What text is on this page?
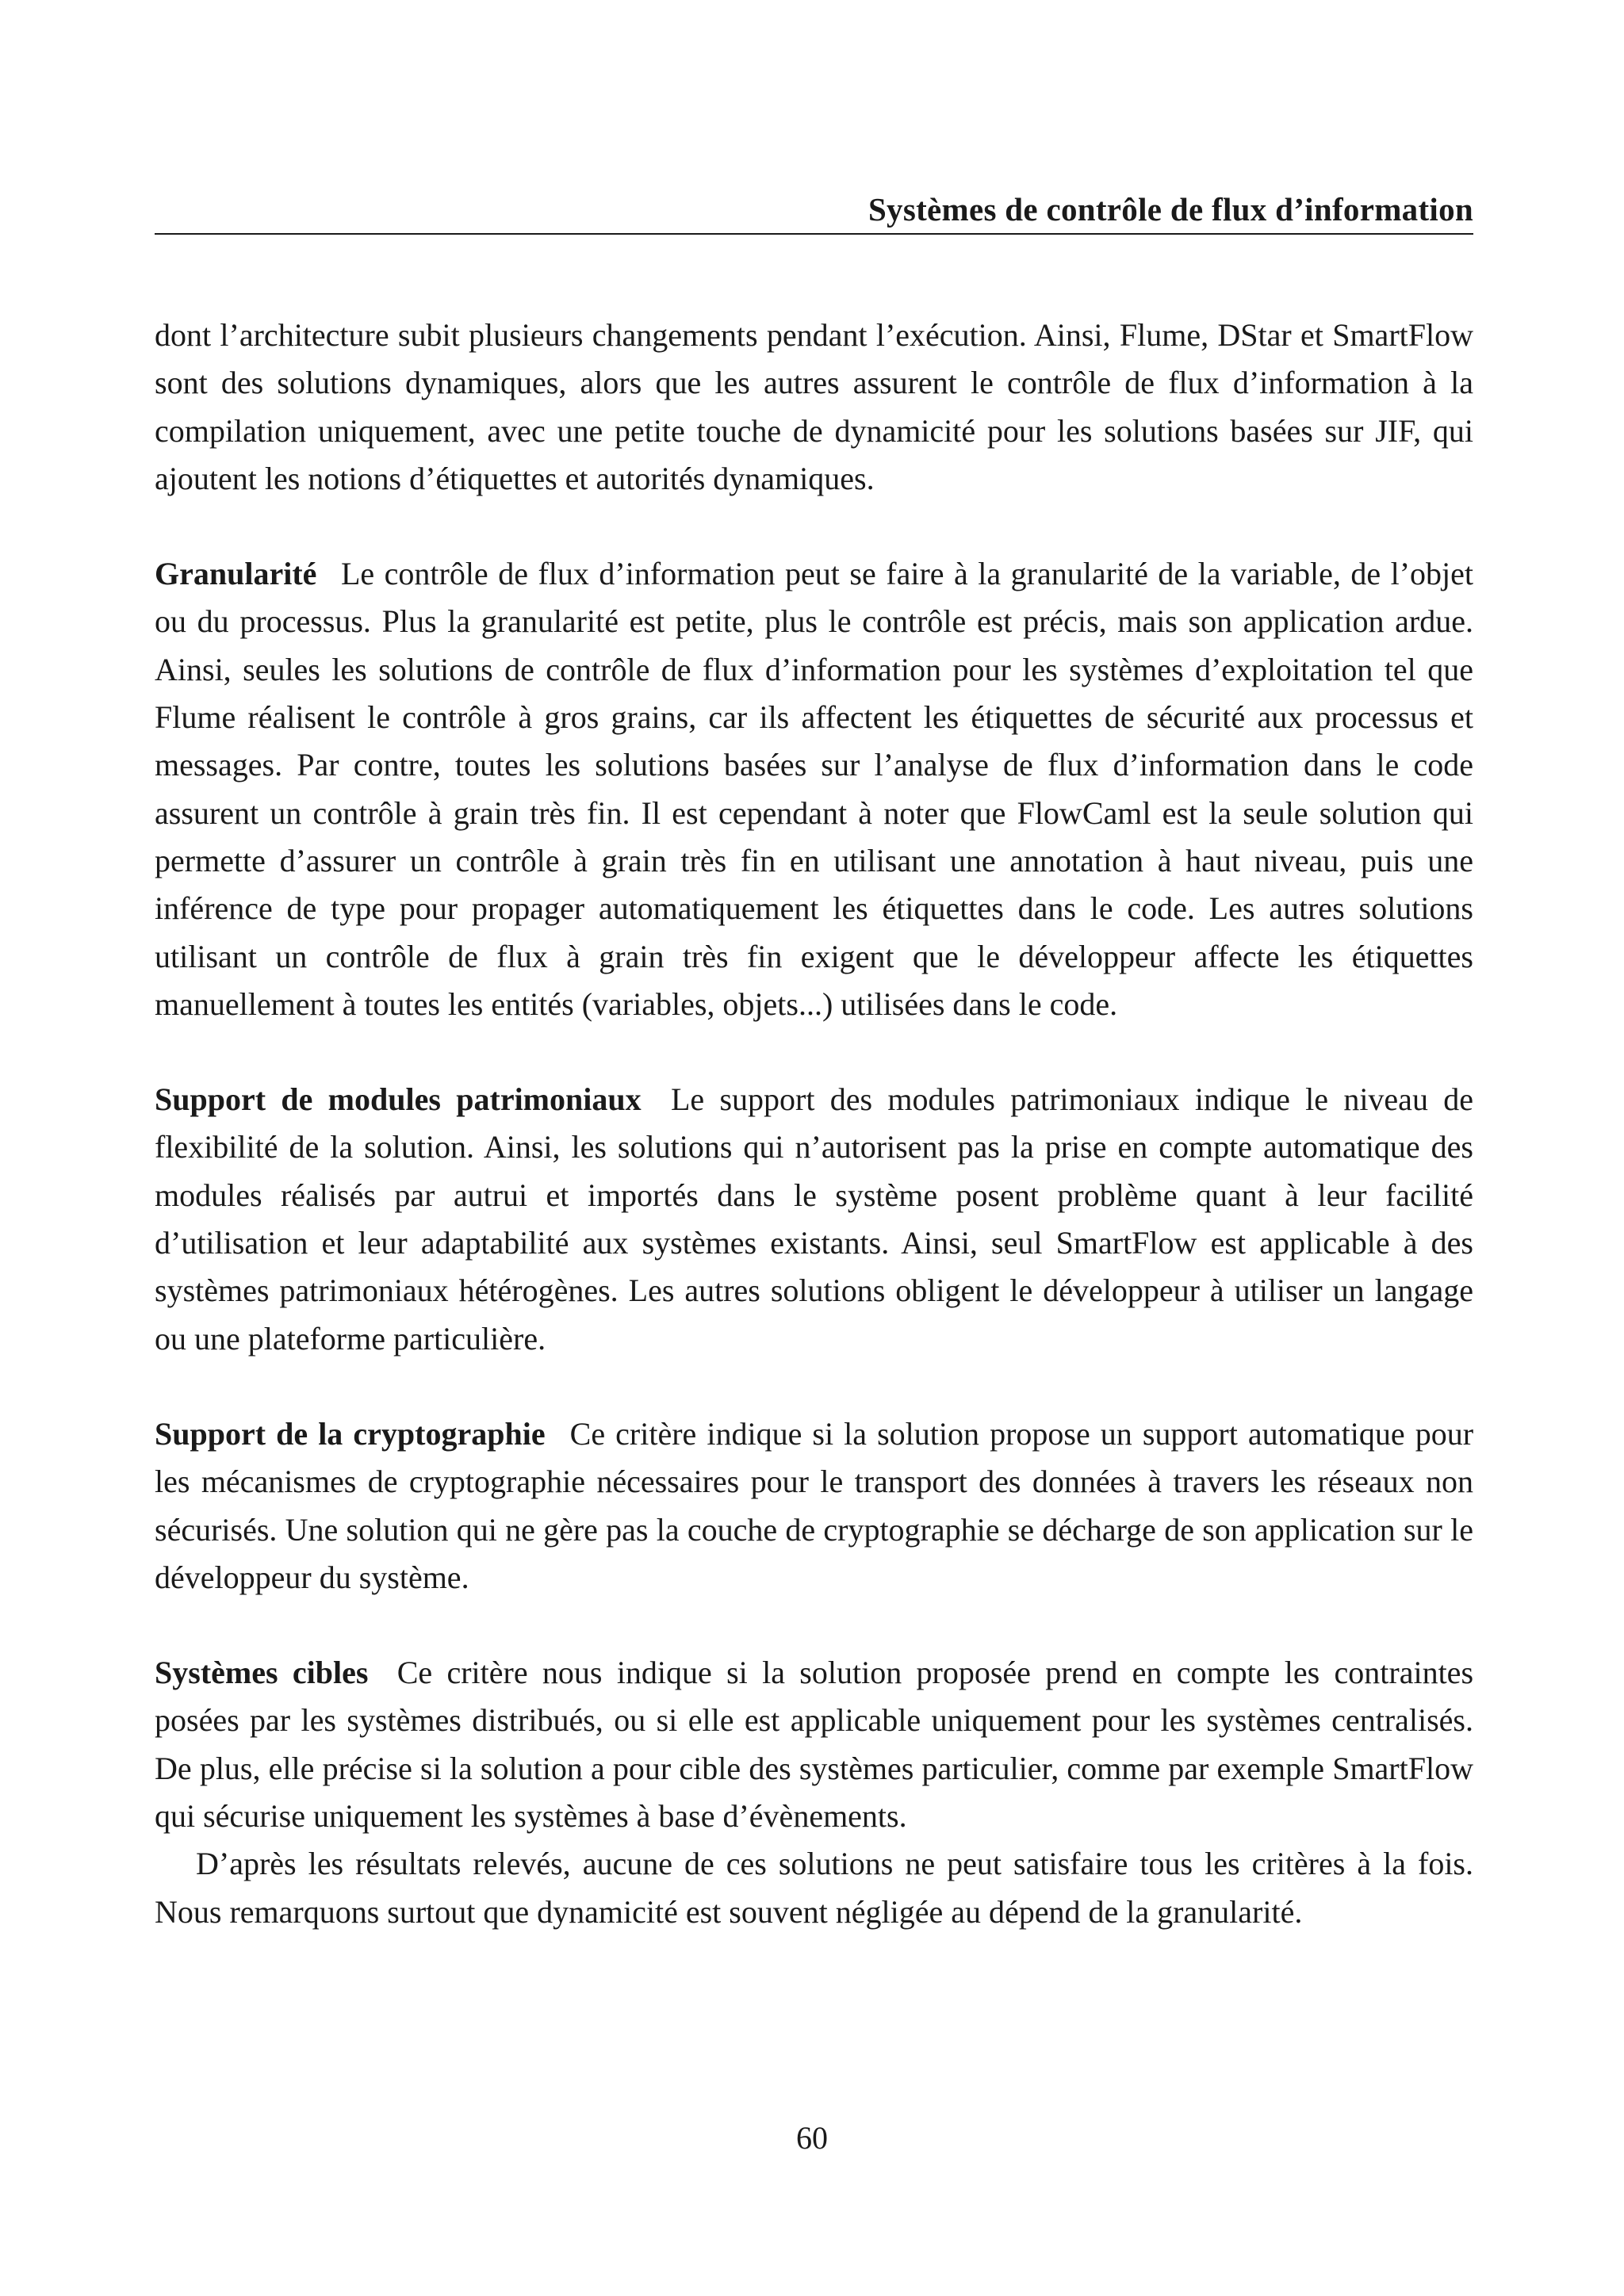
Systèmes de contrôle de flux d’information

dont l’architecture subit plusieurs changements pendant l’exécution. Ainsi, Flume, DStar et SmartFlow sont des solutions dynamiques, alors que les autres assurent le contrôle de flux d’information à la compilation uniquement, avec une petite touche de dynamicité pour les solutions basées sur JIF, qui ajoutent les notions d’étiquettes et autorités dynamiques.

Granularité Le contrôle de flux d’information peut se faire à la granularité de la variable, de l’objet ou du processus. Plus la granularité est petite, plus le contrôle est précis, mais son application ardue. Ainsi, seules les solutions de contrôle de flux d’information pour les systèmes d’exploitation tel que Flume réalisent le contrôle à gros grains, car ils affectent les étiquettes de sécurité aux processus et messages. Par contre, toutes les solutions basées sur l’analyse de flux d’information dans le code assurent un contrôle à grain très fin. Il est cependant à noter que FlowCaml est la seule solution qui permette d’assurer un contrôle à grain très fin en utilisant une annotation à haut niveau, puis une inférence de type pour propager automatiquement les étiquettes dans le code. Les autres solutions utilisant un contrôle de flux à grain très fin exigent que le développeur affecte les étiquettes manuellement à toutes les entités (variables, objets...) utilisées dans le code.

Support de modules patrimoniaux Le support des modules patrimoniaux indique le niveau de flexibilité de la solution. Ainsi, les solutions qui n’autorisent pas la prise en compte automatique des modules réalisés par autrui et importés dans le système posent problème quant à leur facilité d’utilisation et leur adaptabilité aux systèmes existants. Ainsi, seul SmartFlow est applicable à des systèmes patrimoniaux hétérogènes. Les autres solutions obligent le développeur à utiliser un langage ou une plateforme particulière.

Support de la cryptographie Ce critère indique si la solution propose un support automatique pour les mécanismes de cryptographie nécessaires pour le transport des données à travers les réseaux non sécurisés. Une solution qui ne gère pas la couche de cryptographie se décharge de son application sur le développeur du système.

Systèmes cibles Ce critère nous indique si la solution proposée prend en compte les contraintes posées par les systèmes distribués, ou si elle est applicable uniquement pour les systèmes centralisés. De plus, elle précise si la solution a pour cible des systèmes particulier, comme par exemple SmartFlow qui sécurise uniquement les systèmes à base d’évènements.

D’après les résultats relevés, aucune de ces solutions ne peut satisfaire tous les critères à la fois. Nous remarquons surtout que dynamicité est souvent négligée au dépend de la granularité.

60
